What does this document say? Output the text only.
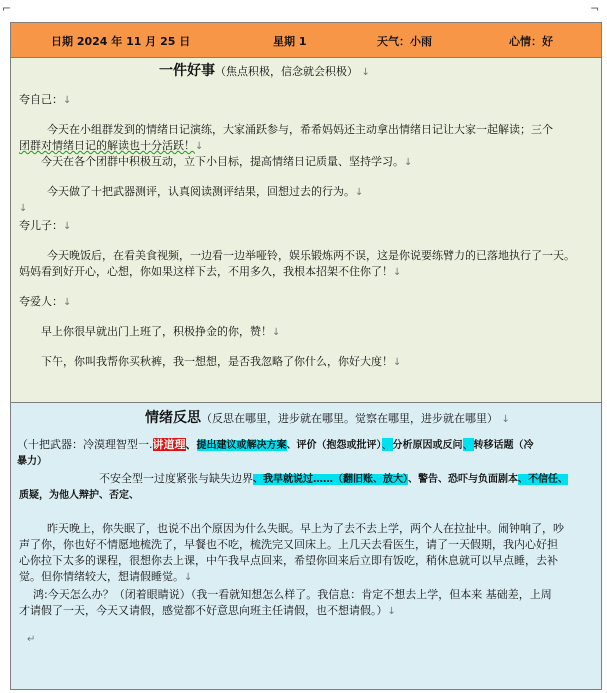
⌐	¬
日期 2024 年 11 月 25 日	星期 1	天气：小雨	心情：好
一件好事（焦点积极，信念就会积极） ↓
夸自己：↓
今天在小组群发到的情绪日记演练，大家涌跃参与，希希妈妈还主动拿出情绪日记让大家一起解读；三个
团群对情绪日记的解读也十分活跃！↓
今天在各个团群中积极互动，立下小目标，提高情绪日记质量、坚持学习。↓
今天做了十把武器测评，认真阅读测评结果，回想过去的行为。↓
↓
夸儿子：↓
今天晚饭后，在看美食视频，一边看一边举哑铃，娱乐锻炼两不误，这是你说要练臂力的已落地执行了一天。
妈妈看到好开心，心想，你如果这样下去，不用多久，我根本招架不住你了！↓
夸爱人：↓
早上你很早就出门上班了，积极挣金的你，赞！↓
下午，你叫我帮你买秋裤，我一想想，是否我忽略了你什么，你好大度！↓
情绪反思（反思在哪里，进步就在哪里。觉察在哪里，进步就在哪里） ↓
（十把武器：冷漠理智型一.讲道理、提出建议或解决方案、评价（抱怨或批评）、分析原因或反问、转移话题（冷
暴力）
不安全型一过度紧张与缺失边界、我早就说过……（翻旧账、放大）、警告、恐吓与负面剧本、不信任、
质疑，为他人辩护、否定、
昨天晚上，你失眠了，也说不出个原因为什么失眠。早上为了去不去上学，两个人在拉扯中。闹钟响了，吵
声了你，你也好不情愿地梳洗了，早餐也不吃，梳洗完又回床上。上几天去看医生，请了一天假期，我内心好担
心你拉下太多的课程，很想你去上课，中午我早点回来，希望你回来后立即有饭吃，稍休息就可以早点睡，去补
觉。但你情绪较大，想请假睡觉。↓
鸿:今天怎么办？（闭着眼睛说）（我一看就知想怎么样了。我信息：肯定不想去上学，但本来 基础差，上周
才请假了一天，今天又请假，感觉都不好意思向班主任请假，也不想请假。）↓
↵
